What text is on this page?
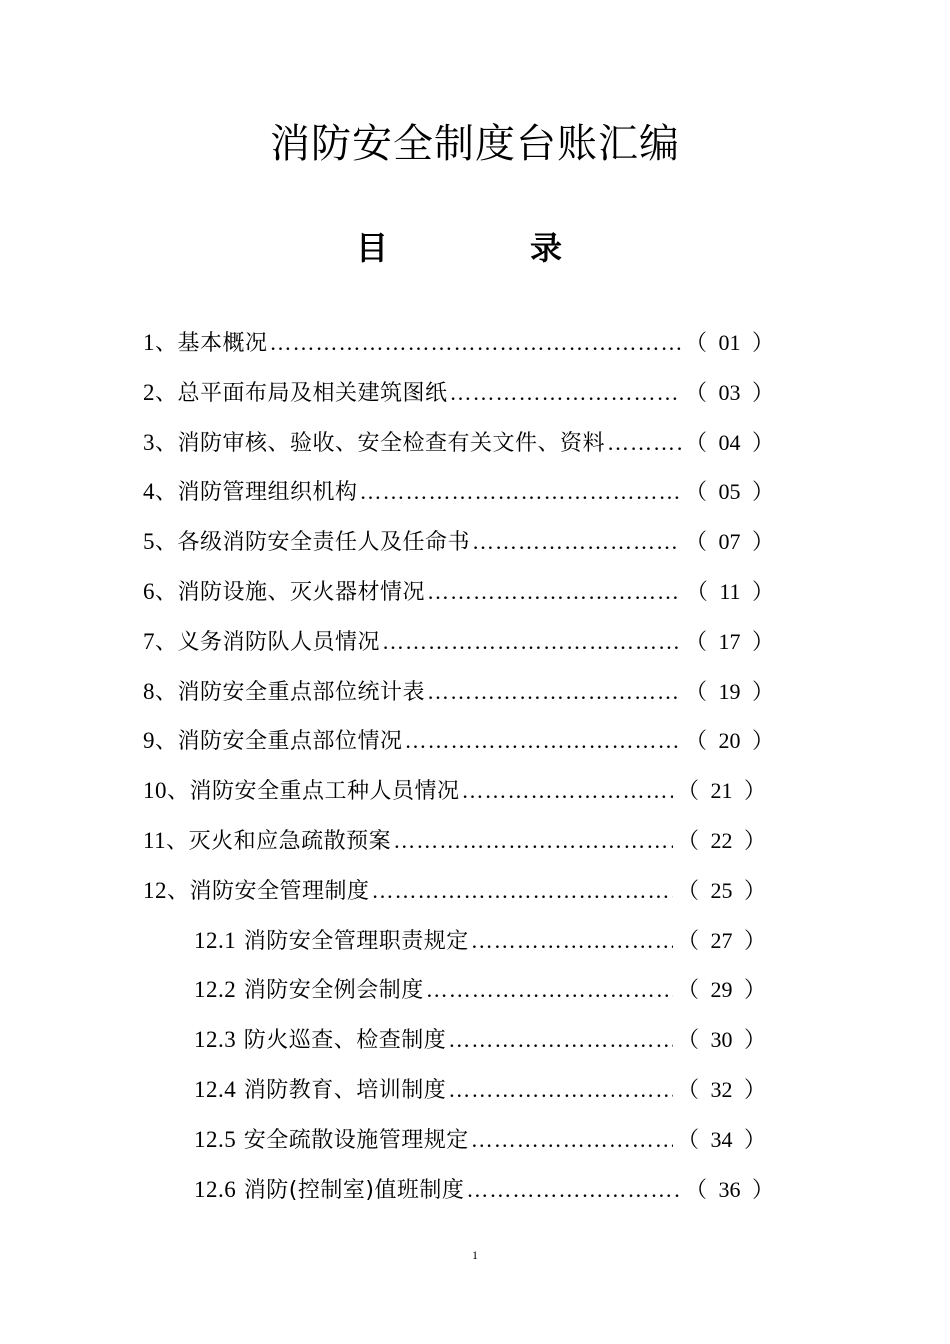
消防安全制度台账汇编
目	录
1、基本概况 ……………………………………………………………………………………………………………………………………	（ 01 ）
2、总平面布局及相关建筑图纸 ……………………………………………………………………………………………………………………………………	（ 03 ）
3、消防审核、验收、安全检查有关文件、资料 ……………………………………………………………………………………………………………………………………	（ 04 ）
4、消防管理组织机构 ……………………………………………………………………………………………………………………………………	（ 05 ）
5、各级消防安全责任人及任命书 ……………………………………………………………………………………………………………………………………	（ 07 ）
6、消防设施、灭火器材情况 ……………………………………………………………………………………………………………………………………	（ 11 ）
7、义务消防队人员情况 ……………………………………………………………………………………………………………………………………	（ 17 ）
8、消防安全重点部位统计表 ……………………………………………………………………………………………………………………………………	（ 19 ）
9、消防安全重点部位情况 ……………………………………………………………………………………………………………………………………	（ 20 ）
10、消防安全重点工种人员情况 ……………………………………………………………………………………………………………………………………	（ 21 ）
11、灭火和应急疏散预案 ……………………………………………………………………………………………………………………………………	（ 22 ）
12、消防安全管理制度 ……………………………………………………………………………………………………………………………………	（ 25 ）
12.1 消防安全管理职责规定 ……………………………………………………………………………………………………………………………………	（ 27 ）
12.2 消防安全例会制度 ……………………………………………………………………………………………………………………………………	（ 29 ）
12.3 防火巡查、检查制度 ……………………………………………………………………………………………………………………………………	（ 30 ）
12.4 消防教育、培训制度 ……………………………………………………………………………………………………………………………………	（ 32 ）
12.5 安全疏散设施管理规定 ……………………………………………………………………………………………………………………………………	（ 34 ）
12.6 消防(控制室)值班制度 ……………………………………………………………………………………………………………………………………	（ 36 ）
1
